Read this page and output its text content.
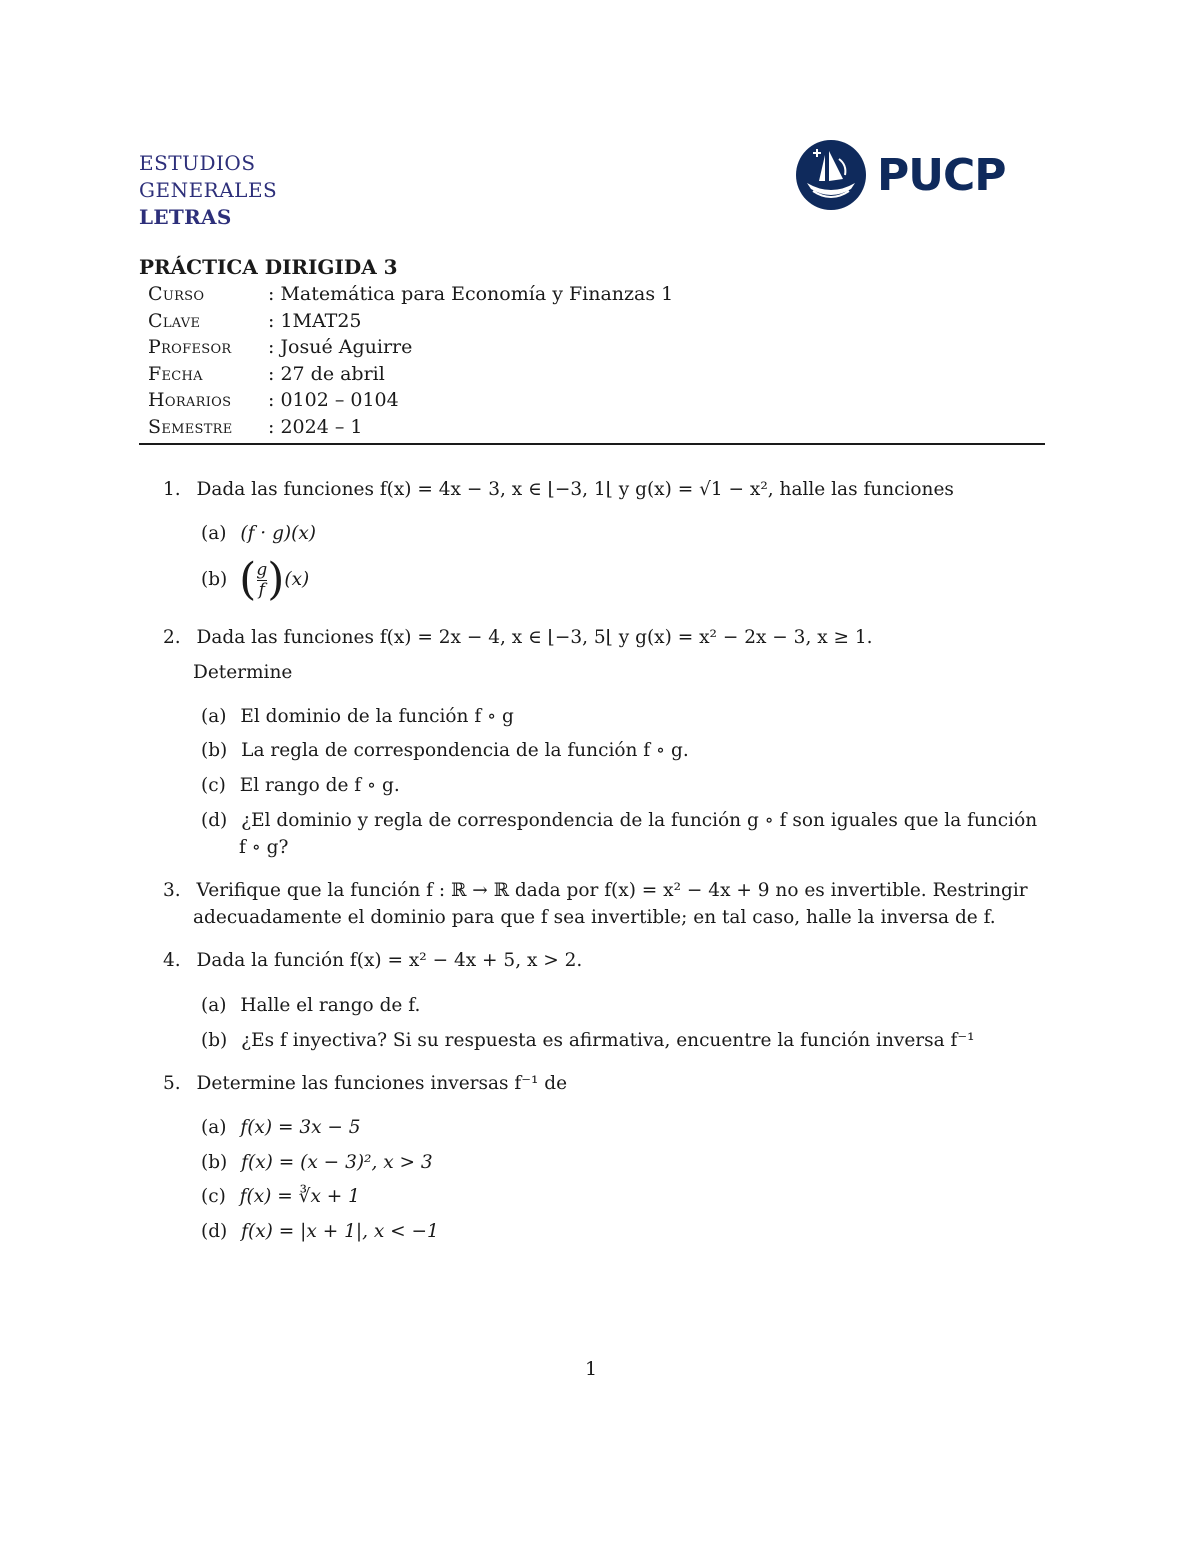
ESTUDIOS
GENERALES
LETRAS
PUCP
PRÁCTICA DIRIGIDA 3
Curso	: Matemática para Economía y Finanzas 1
Clave	: 1MAT25
Profesor	: Josué Aguirre
Fecha	: 27 de abril
Horarios	: 0102 – 0104
Semestre	: 2024 – 1
1. Dada las funciones f(x) = 4x − 3, x ∈ ⌊−3, 1⌊ y g(x) = √1 − x², halle las funciones
(a) (f · g)(x)
(b) ( $\frac{g}{f} )(x)$
2. Dada las funciones f(x) = 2x − 4, x ∈ ⌊−3, 5⌊ y g(x) = x² − 2x − 3, x ≥ 1.
Determine
(a) El dominio de la función f ∘ g
(b) La regla de correspondencia de la función f ∘ g.
(c) El rango de f ∘ g.
(d) ¿El dominio y regla de correspondencia de la función g ∘ f son iguales que la función
f ∘ g?
3. Verifique que la función f : ℝ → ℝ dada por f(x) = x² − 4x + 9 no es invertible. Restringir
adecuadamente el dominio para que f sea invertible; en tal caso, halle la inversa de f.
4. Dada la función f(x) = x² − 4x + 5, x > 2.
(a) Halle el rango de f.
(b) ¿Es f inyectiva? Si su respuesta es afirmativa, encuentre la función inversa f⁻¹
5. Determine las funciones inversas f⁻¹ de
(a) f(x) = 3x − 5
(b) f(x) = (x − 3)², x > 3
(c) f(x) = ∛x + 1
(d) f(x) = |x + 1|, x < −1
1
